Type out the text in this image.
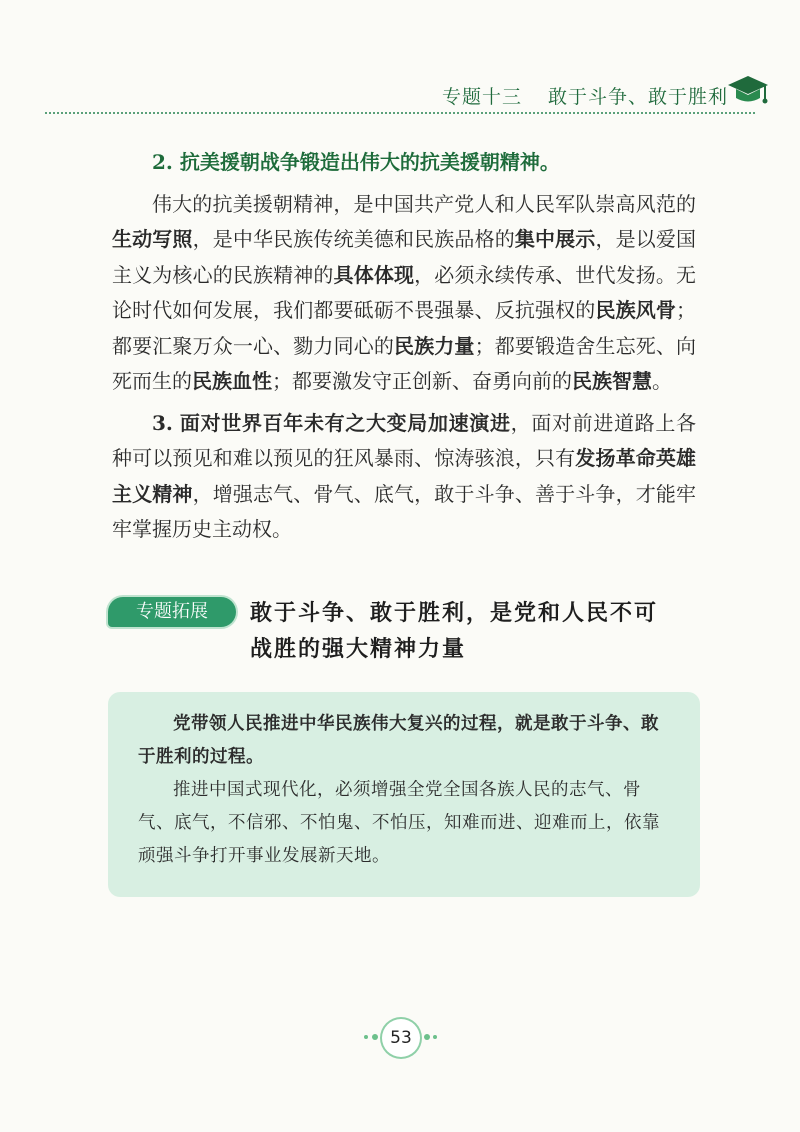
专题十三 敢于斗争、敢于胜利

2. 抗美援朝战争锻造出伟大的抗美援朝精神。

伟大的抗美援朝精神，是中国共产党人和人民军队崇高风范的生动写照，是中华民族传统美德和民族品格的集中展示，是以爱国主义为核心的民族精神的具体体现，必须永续传承、世代发扬。无论时代如何发展，我们都要砥砺不畏强暴、反抗强权的民族风骨；都要汇聚万众一心、勠力同心的民族力量；都要锻造舍生忘死、向死而生的民族血性；都要激发守正创新、奋勇向前的民族智慧。

3. 面对世界百年未有之大变局加速演进，面对前进道路上各种可以预见和难以预见的狂风暴雨、惊涛骇浪，只有发扬革命英雄主义精神，增强志气、骨气、底气，敢于斗争、善于斗争，才能牢牢掌握历史主动权。

专题拓展	敢于斗争、敢于胜利，是党和人民不可
战胜的强大精神力量

党带领人民推进中华民族伟大复兴的过程，就是敢于斗争、敢于胜利的过程。

推进中国式现代化，必须增强全党全国各族人民的志气、骨气、底气，不信邪、不怕鬼、不怕压，知难而进、迎难而上，依靠顽强斗争打开事业发展新天地。

53
